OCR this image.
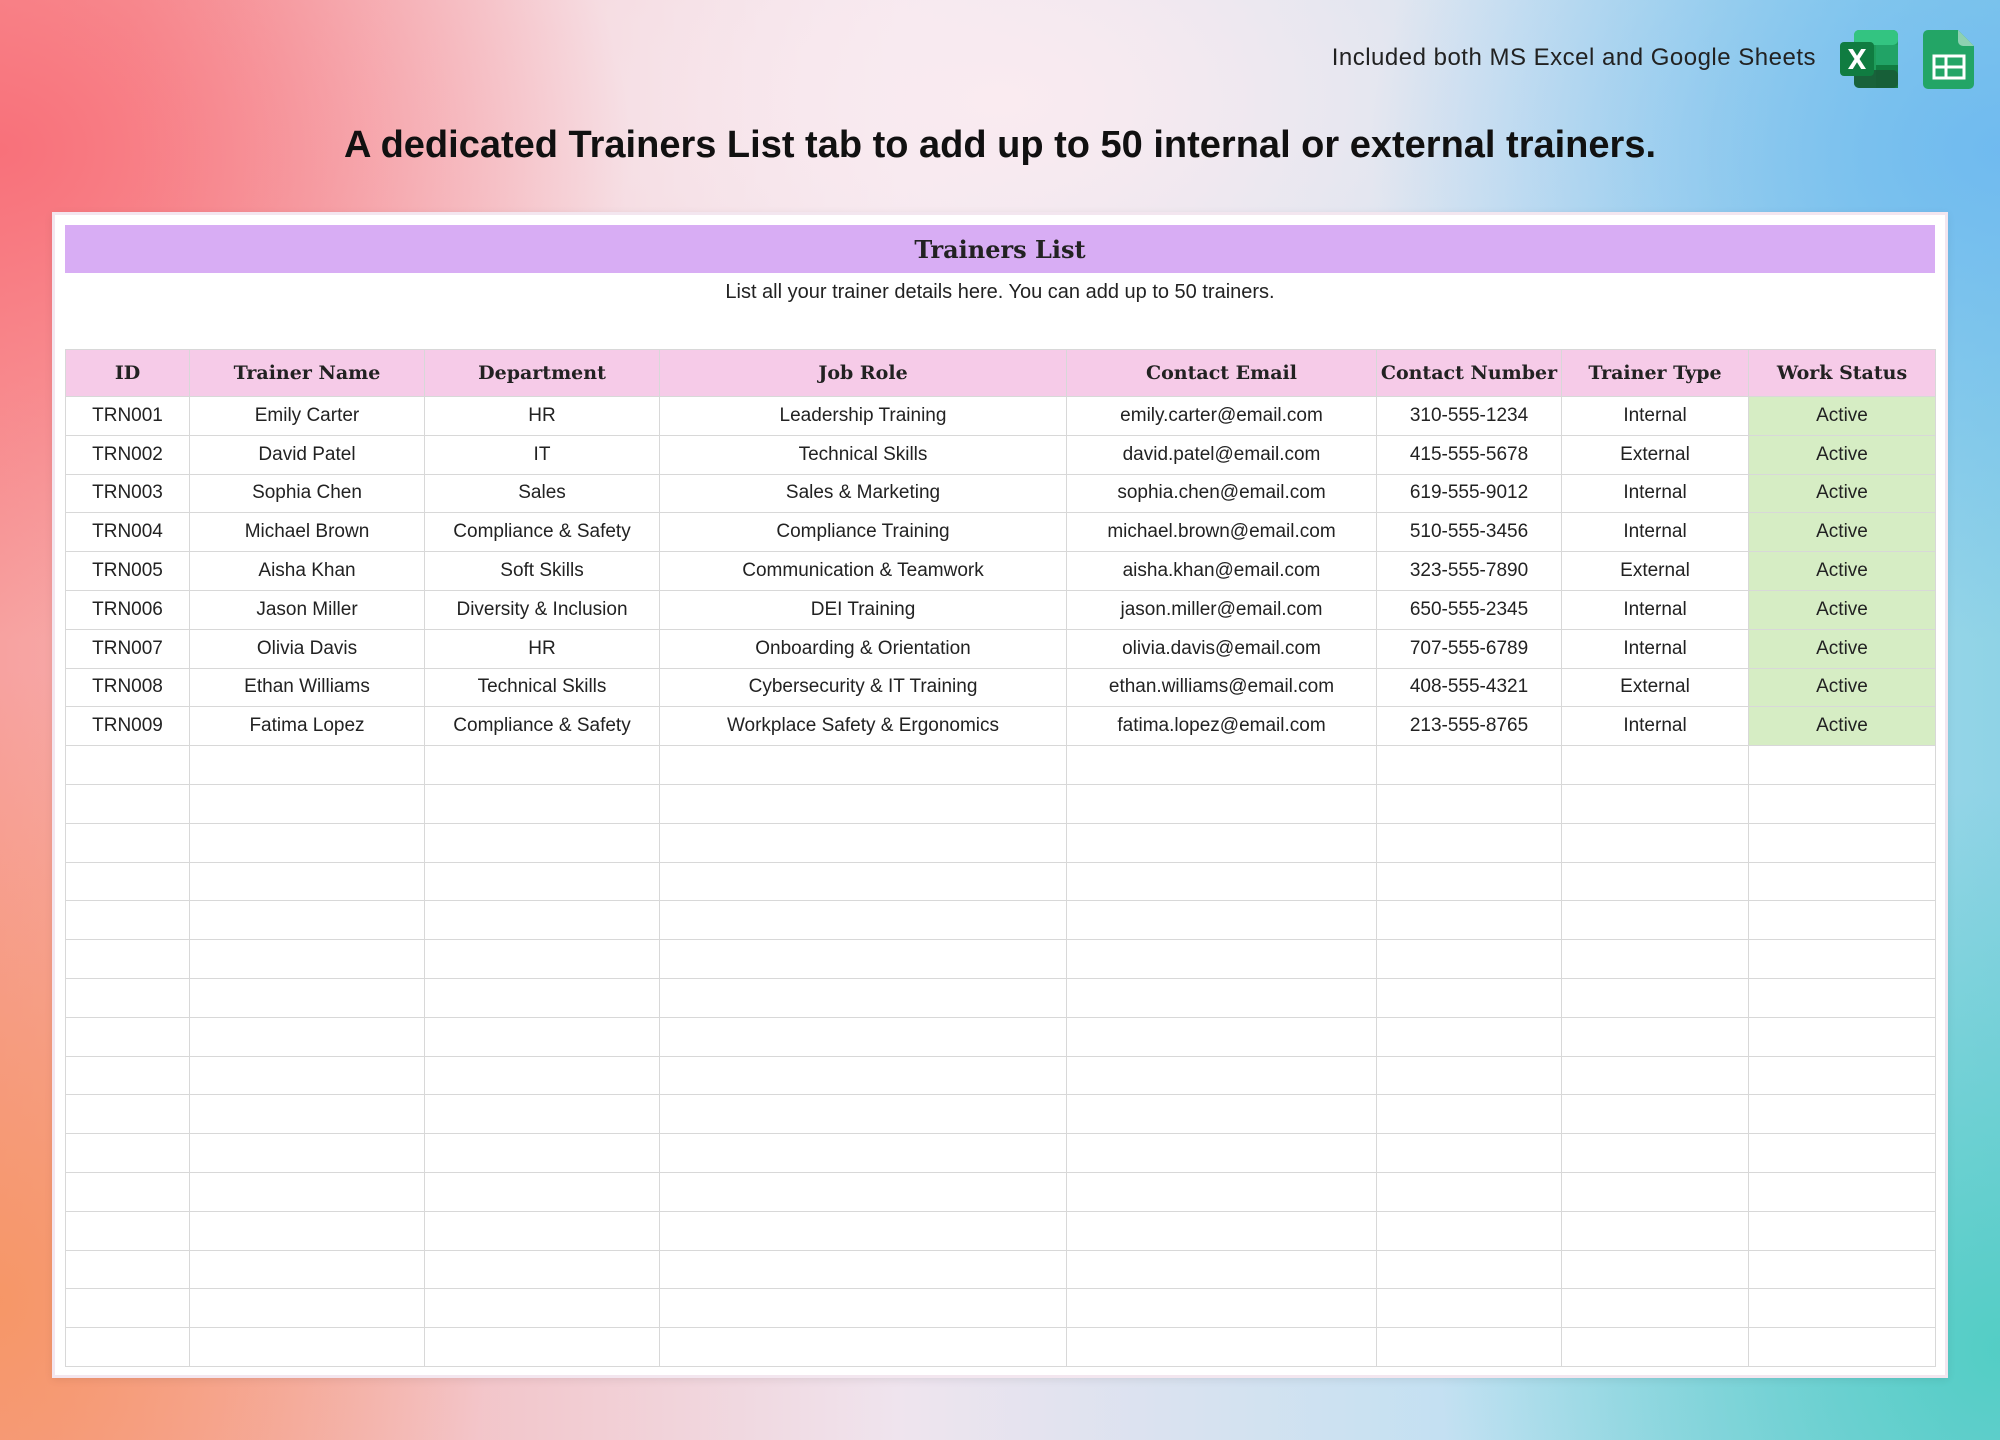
Included both MS Excel and Google Sheets
A dedicated Trainers List tab to add up to 50 internal or external trainers.
Trainers List
List all your trainer details here. You can add up to 50 trainers.
ID	Trainer Name	Department	Job Role	Contact Email	Contact Number	Trainer Type	Work Status
TRN001	Emily Carter	HR	Leadership Training	emily.carter@email.com	310-555-1234	Internal	Active
TRN002	David Patel	IT	Technical Skills	david.patel@email.com	415-555-5678	External	Active
TRN003	Sophia Chen	Sales	Sales & Marketing	sophia.chen@email.com	619-555-9012	Internal	Active
TRN004	Michael Brown	Compliance & Safety	Compliance Training	michael.brown@email.com	510-555-3456	Internal	Active
TRN005	Aisha Khan	Soft Skills	Communication & Teamwork	aisha.khan@email.com	323-555-7890	External	Active
TRN006	Jason Miller	Diversity & Inclusion	DEI Training	jason.miller@email.com	650-555-2345	Internal	Active
TRN007	Olivia Davis	HR	Onboarding & Orientation	olivia.davis@email.com	707-555-6789	Internal	Active
TRN008	Ethan Williams	Technical Skills	Cybersecurity & IT Training	ethan.williams@email.com	408-555-4321	External	Active
TRN009	Fatima Lopez	Compliance & Safety	Workplace Safety & Ergonomics	fatima.lopez@email.com	213-555-8765	Internal	Active
